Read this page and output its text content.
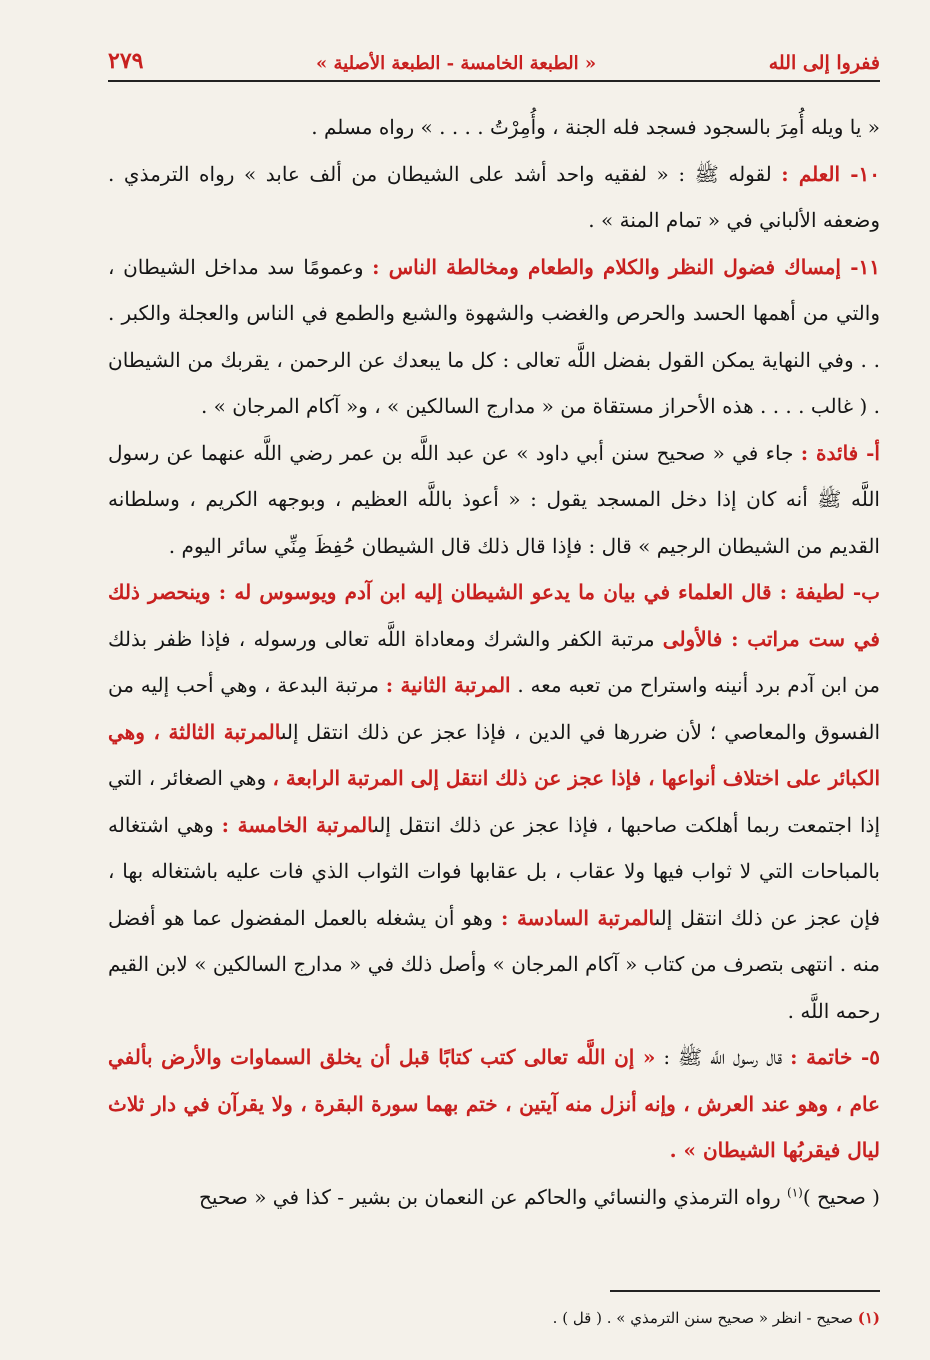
ففروا إلى الله
« الطبعة الخامسة - الطبعة الأصلية »
٢٧٩

« يا ويله أُمِرَ بالسجود فسجد فله الجنة ، وأُمِرْتُ . . . . » رواه مسلم .

١٠- العلم : لقوله ﷺ : « لفقيه واحد أشد على الشيطان من ألف عابد » رواه الترمذي . وضعفه الألباني في « تمام المنة » .

١١- إمساك فضول النظر والكلام والطعام ومخالطة الناس : وعمومًا سد مداخل الشيطان ، والتي من أهمها الحسد والحرص والغضب والشهوة والشبع والطمع في الناس والعجلة والكبر . . . وفي النهاية يمكن القول بفضل اللَّه تعالى : كل ما يبعدك عن الرحمن ، يقربك من الشيطان . ( غالب . . . . هذه الأحراز مستقاة من « مدارج السالكين » ، و« آكام المرجان » .

أ- فائدة : جاء في « صحيح سنن أبي داود » عن عبد اللَّه بن عمر رضي اللَّه عنهما عن رسول اللَّه ﷺ أنه كان إذا دخل المسجد يقول : « أعوذ باللَّه العظيم ، وبوجهه الكريم ، وسلطانه القديم من الشيطان الرجيم » قال : فإذا قال ذلك قال الشيطان حُفِظَ مِنِّي سائر اليوم .

ب- لطيفة : قال العلماء في بيان ما يدعو الشيطان إليه ابن آدم ويوسوس له : وينحصر ذلك في ست مراتب : فالأولى مرتبة الكفر والشرك ومعاداة اللَّه تعالى ورسوله ، فإذا ظفر بذلك من ابن آدم برد أنينه واستراح من تعبه معه . المرتبة الثانية : مرتبة البدعة ، وهي أحب إليه من الفسوق والمعاصي ؛ لأن ضررها في الدين ، فإذا عجز عن ذلك انتقل إلىالمرتبة الثالثة ، وهي الكبائر على اختلاف أنواعها ، فإذا عجز عن ذلك انتقل إلى المرتبة الرابعة ، وهي الصغائر ، التي إذا اجتمعت ربما أهلكت صاحبها ، فإذا عجز عن ذلك انتقل إلىالمرتبة الخامسة : وهي اشتغاله بالمباحات التي لا ثواب فيها ولا عقاب ، بل عقابها فوات الثواب الذي فات عليه باشتغاله بها ، فإن عجز عن ذلك انتقل إلىالمرتبة السادسة : وهو أن يشغله بالعمل المفضول عما هو أفضل منه . انتهى بتصرف من كتاب « آكام المرجان » وأصل ذلك في « مدارج السالكين » لابن القيم رحمه اللَّه .

٥- خاتمة : قال رسول اللَّه ﷺ : « إن اللَّه تعالى كتب كتابًا قبل أن يخلق السماوات والأرض بألفي عام ، وهو عند العرش ، وإنه أنزل منه آيتين ، ختم بهما سورة البقرة ، ولا يقرآن في دار ثلاث ليال فيقربُها الشيطان » .

( صحيح )$^{(١)}$ رواه الترمذي والنسائي والحاكم عن النعمان بن بشير - كذا في « صحيح

(١) صحيح - انظر « صحيح سنن الترمذي » . ( قل ) .
